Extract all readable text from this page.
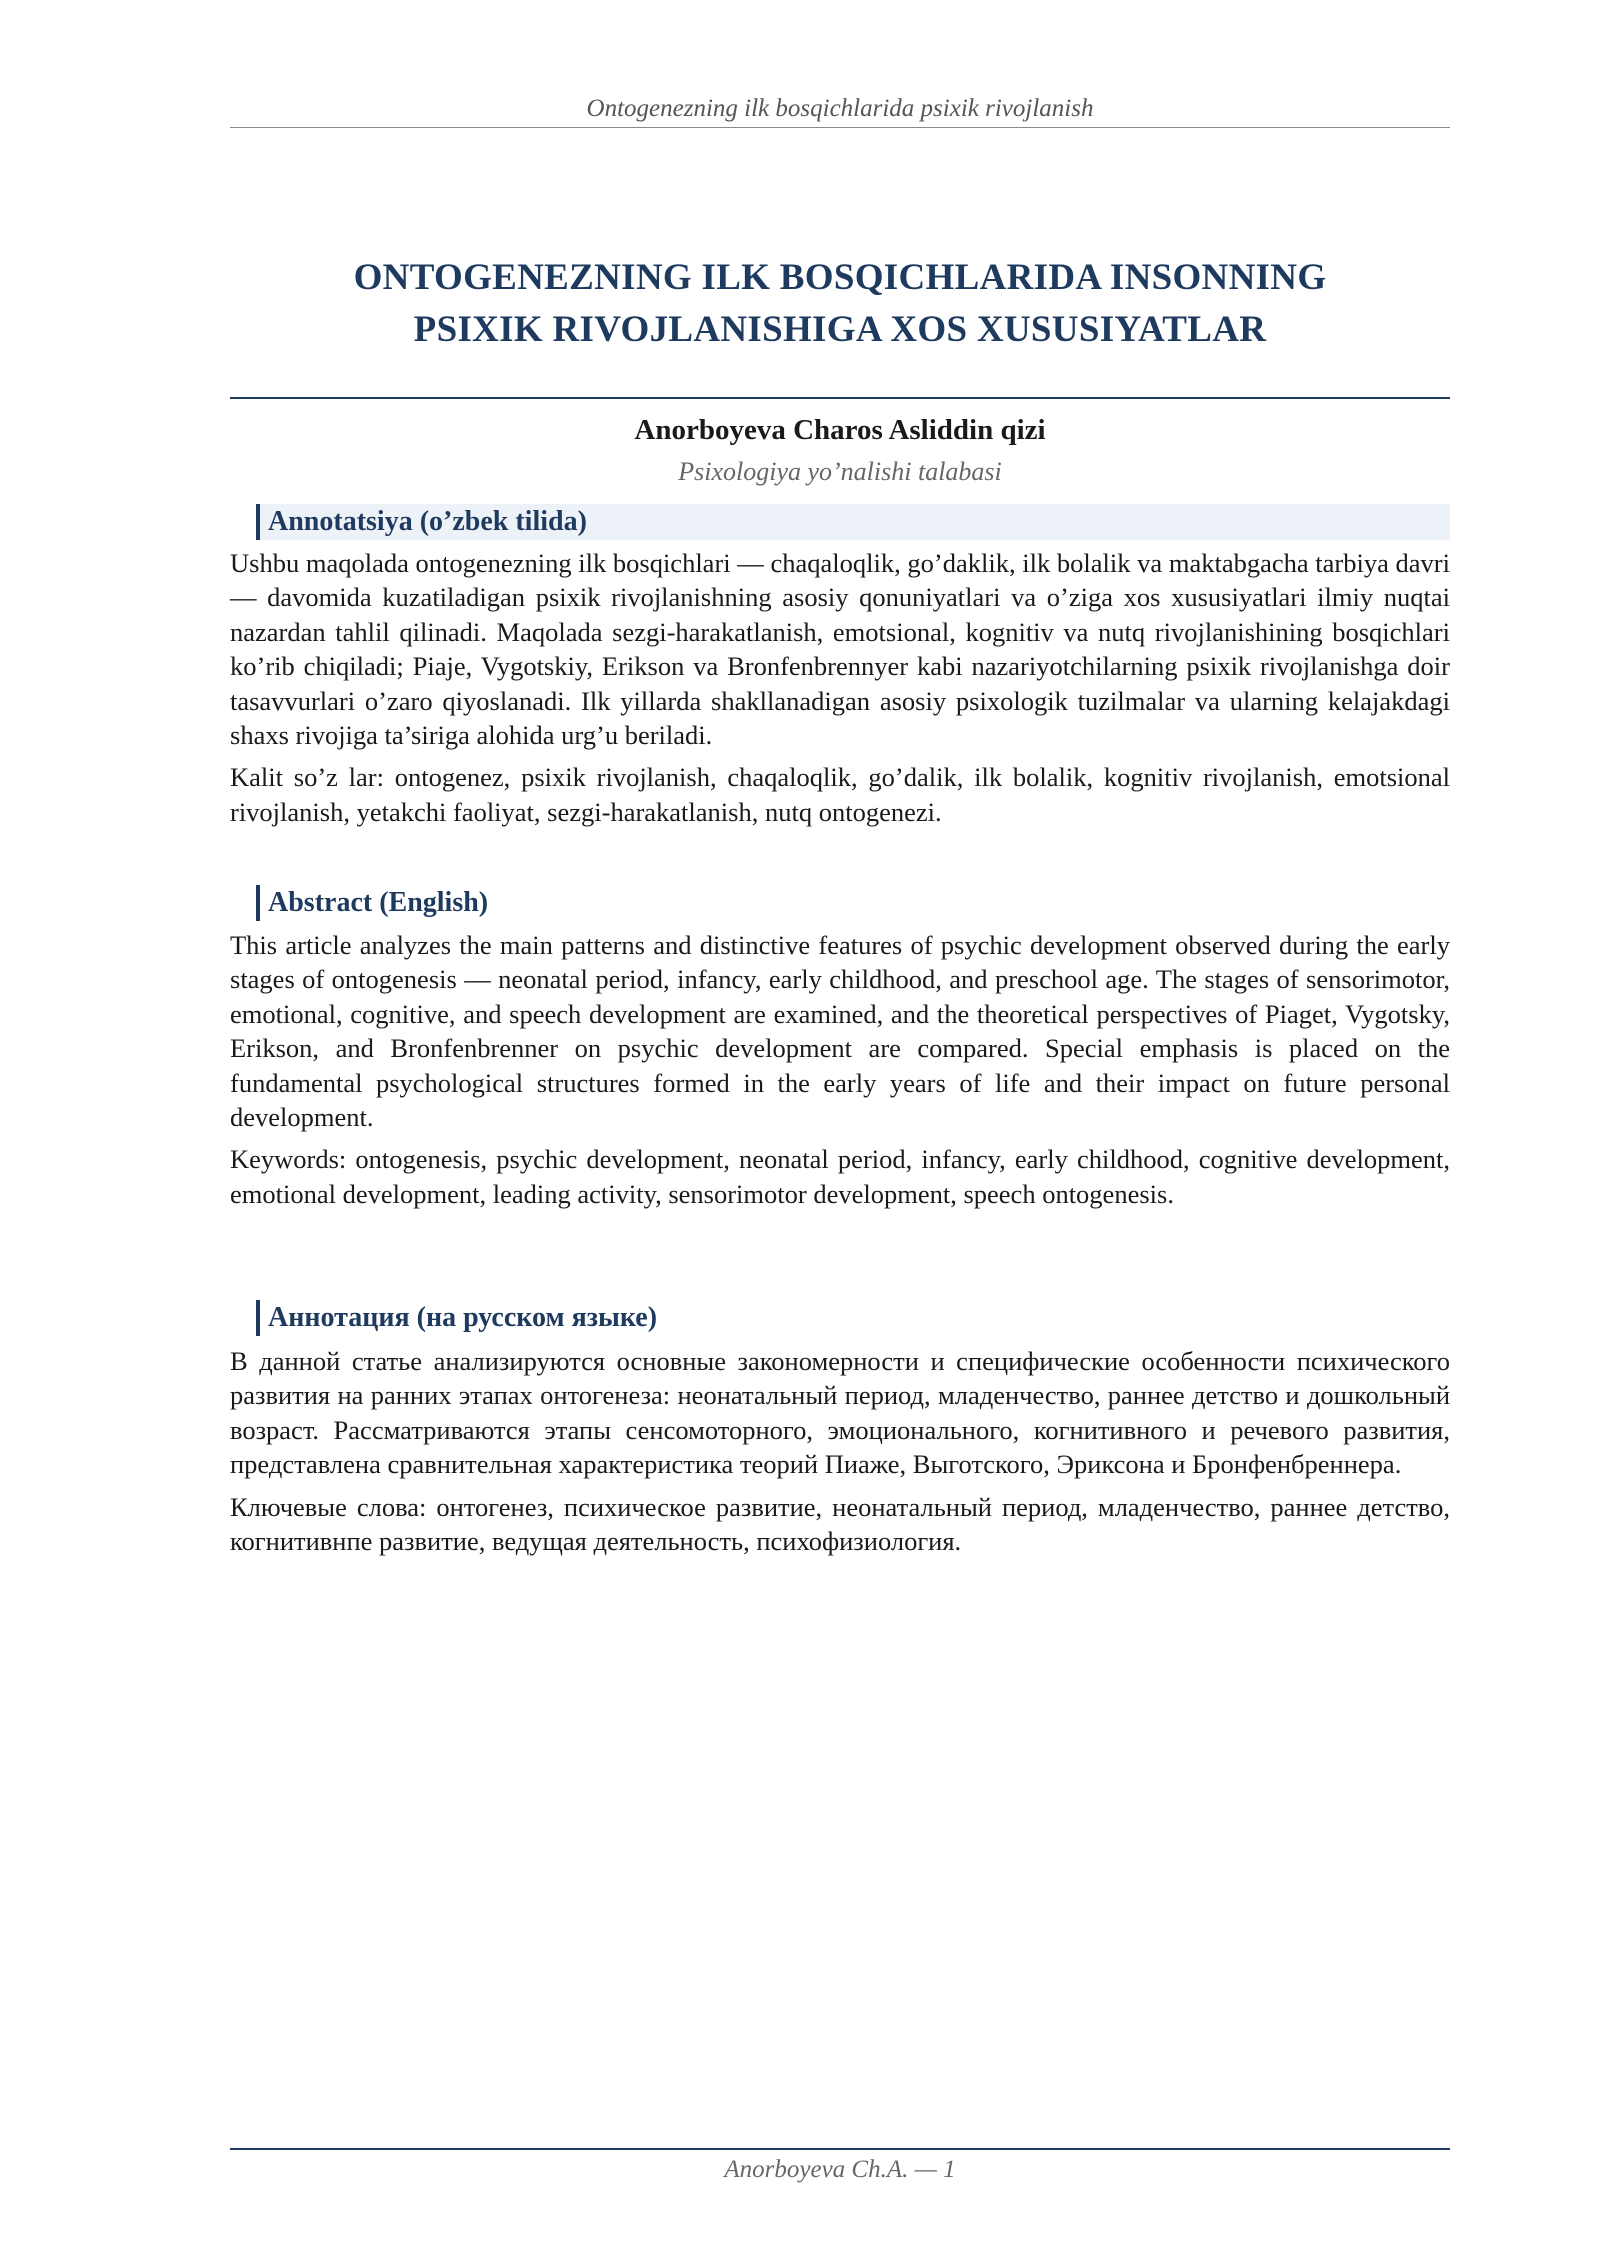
Ontogenezning ilk bosqichlarida psixik rivojlanish
ONTOGENEZNING ILK BOSQICHLARIDA INSONNING
PSIXIK RIVOJLANISHIGA XOS XUSUSIYATLAR
Anorboyeva Charos Asliddin qizi
Psixologiya yo’nalishi talabasi
Annotatsiya (o’zbek tilida)

Ushbu maqolada ontogenezning ilk bosqichlari — chaqaloqlik, go’daklik, ilk bolalik va maktabgacha tarbiya davri — davomida kuzatiladigan psixik rivojlanishning asosiy qonuniyatlari va o’ziga xos xususiyatlari ilmiy nuqtai nazardan tahlil qilinadi. Maqolada sezgi-harakatlanish, emotsional, kognitiv va nutq rivojlanishining bosqichlari ko’rib chiqiladi; Piaje, Vygotskiy, Erikson va Bronfenbrennyer kabi nazariyotchilarning psixik rivojlanishga doir tasavvurlari o’zaro qiyoslanadi. Ilk yillarda shakllanadigan asosiy psixologik tuzilmalar va ularning kelajakdagi shaxs rivojiga ta’siriga alohida urg’u beriladi.

Kalit so’z lar: ontogenez, psixik rivojlanish, chaqaloqlik, go’dalik, ilk bolalik, kognitiv rivojlanish, emotsional rivojlanish, yetakchi faoliyat, sezgi-harakatlanish, nutq ontogenezi.

Abstract (English)

This article analyzes the main patterns and distinctive features of psychic development observed during the early stages of ontogenesis — neonatal period, infancy, early childhood, and preschool age. The stages of sensorimotor, emotional, cognitive, and speech development are examined, and the theoretical perspectives of Piaget, Vygotsky, Erikson, and Bronfenbrenner on psychic development are compared. Special emphasis is placed on the fundamental psychological structures formed in the early years of life and their impact on future personal development.

Keywords: ontogenesis, psychic development, neonatal period, infancy, early childhood, cognitive development, emotional development, leading activity, sensorimotor development, speech ontogenesis.

Аннотация (на русском языке)

В данной статье анализируются основные закономерности и специфические особенности психического развития на ранних этапах онтогенеза: неонатальный период, младенчество, раннее детство и дошкольный возраст. Рассматриваются этапы сенсомоторного, эмоционального, когнитивного и речевого развития, представлена сравнительная характеристика теорий Пиаже, Выготского, Эриксона и Бронфенбреннера.

Ключевые слова: онтогенез, психическое развитие, неонатальный период, младенчество, раннее детство, когнитивнпе развитие, ведущая деятельность, психофизиология.

Anorboyeva Ch.A. — 1
